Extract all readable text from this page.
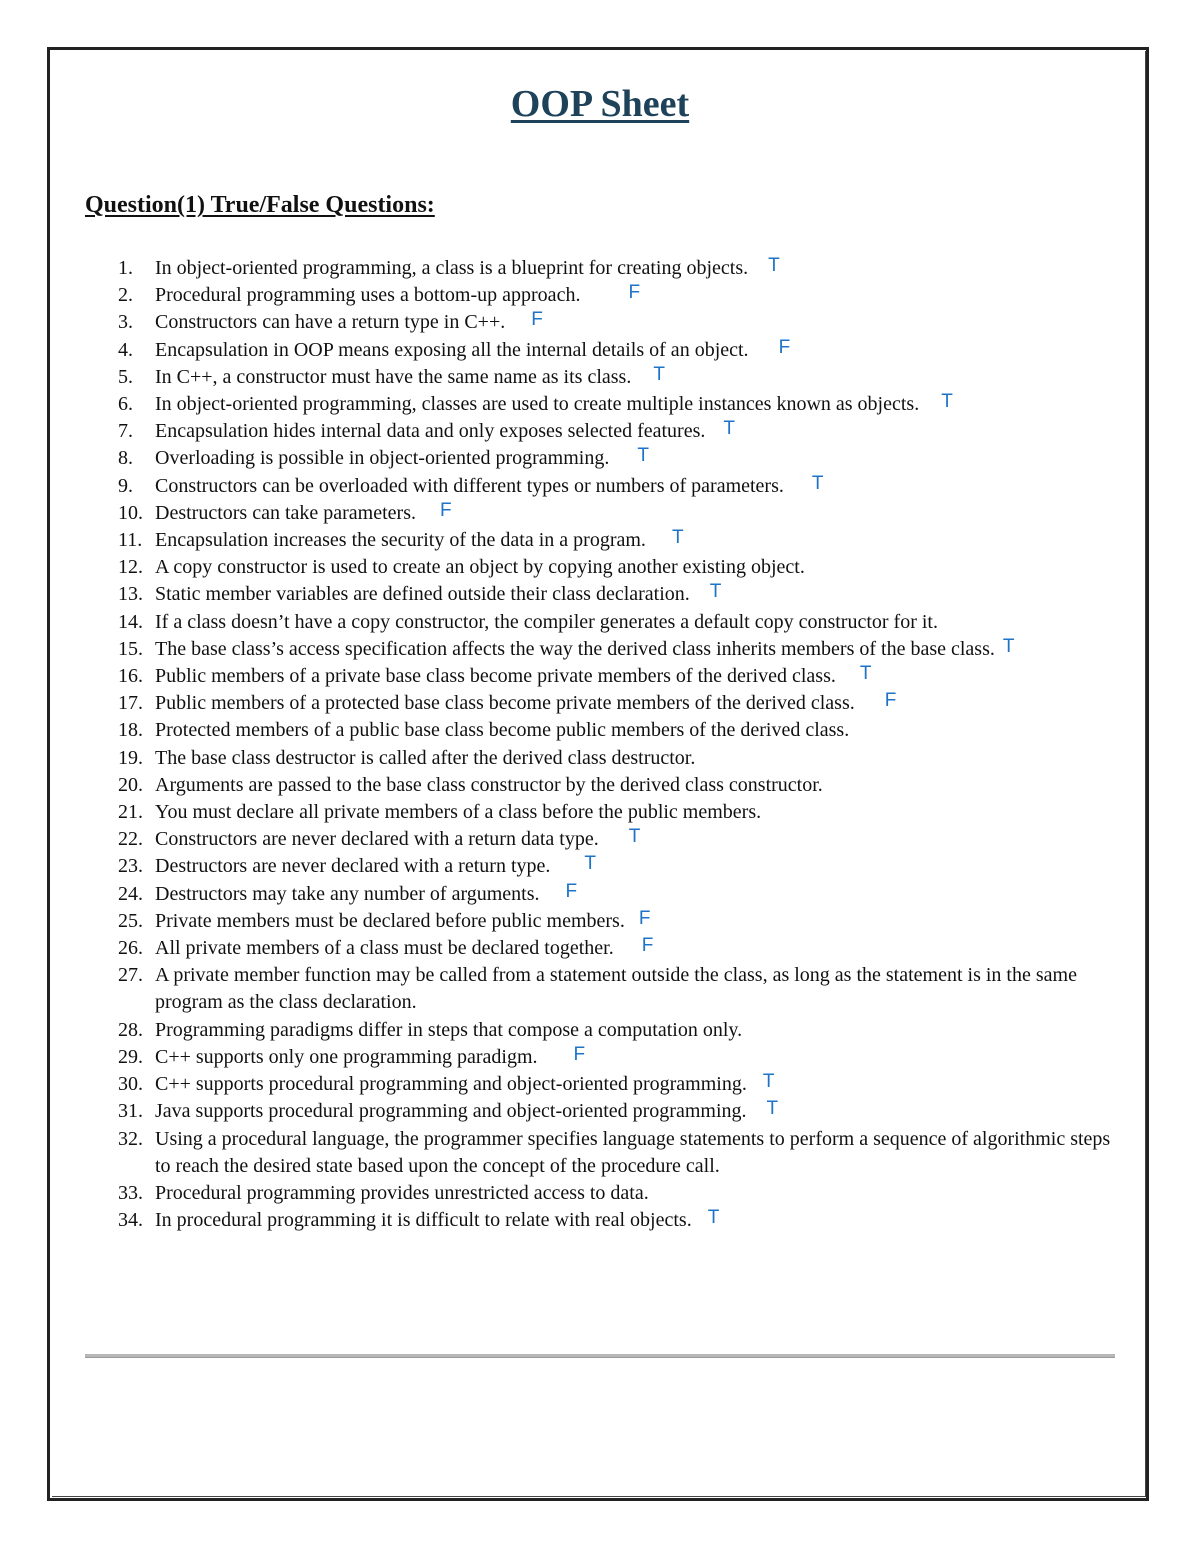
OOP Sheet
Question(1) True/False Questions:
1. In object-oriented programming, a class is a blueprint for creating objects. T
2. Procedural programming uses a bottom-up approach.	F
3. Constructors can have a return type in C++. F
4. Encapsulation in OOP means exposing all the internal details of an object. F
5. In C++, a constructor must have the same name as its class. T
6. In object-oriented programming, classes are used to create multiple instances known as objects. T
7. Encapsulation hides internal data and only exposes selected features. T
8. Overloading is possible in object-oriented programming. T
9. Constructors can be overloaded with different types or numbers of parameters. T
10. Destructors can take parameters. F
11. Encapsulation increases the security of the data in a program. T
12. A copy constructor is used to create an object by copying another existing object.
13. Static member variables are defined outside their class declaration. T
14. If a class doesn’t have a copy constructor, the compiler generates a default copy constructor for it.
15. The base class’s access specification affects the way the derived class inherits members of the base class. T
16. Public members of a private base class become private members of the derived class. T
17. Public members of a protected base class become private members of the derived class. F
18. Protected members of a public base class become public members of the derived class.
19. The base class destructor is called after the derived class destructor.
20. Arguments are passed to the base class constructor by the derived class constructor.
21. You must declare all private members of a class before the public members.
22. Constructors are never declared with a return data type. T
23. Destructors are never declared with a return type. T
24. Destructors may take any number of arguments. F
25. Private members must be declared before public members. F
26. All private members of a class must be declared together. F
27. A private member function may be called from a statement outside the class, as long as the statement is in the same program as the class declaration.
28. Programming paradigms differ in steps that compose a computation only.
29. C++ supports only one programming paradigm. F
30. C++ supports procedural programming and object-oriented programming. T
31. Java supports procedural programming and object-oriented programming. T
32. Using a procedural language, the programmer specifies language statements to perform a sequence of algorithmic steps to reach the desired state based upon the concept of the procedure call.
33. Procedural programming provides unrestricted access to data.
34. In procedural programming it is difficult to relate with real objects. T
